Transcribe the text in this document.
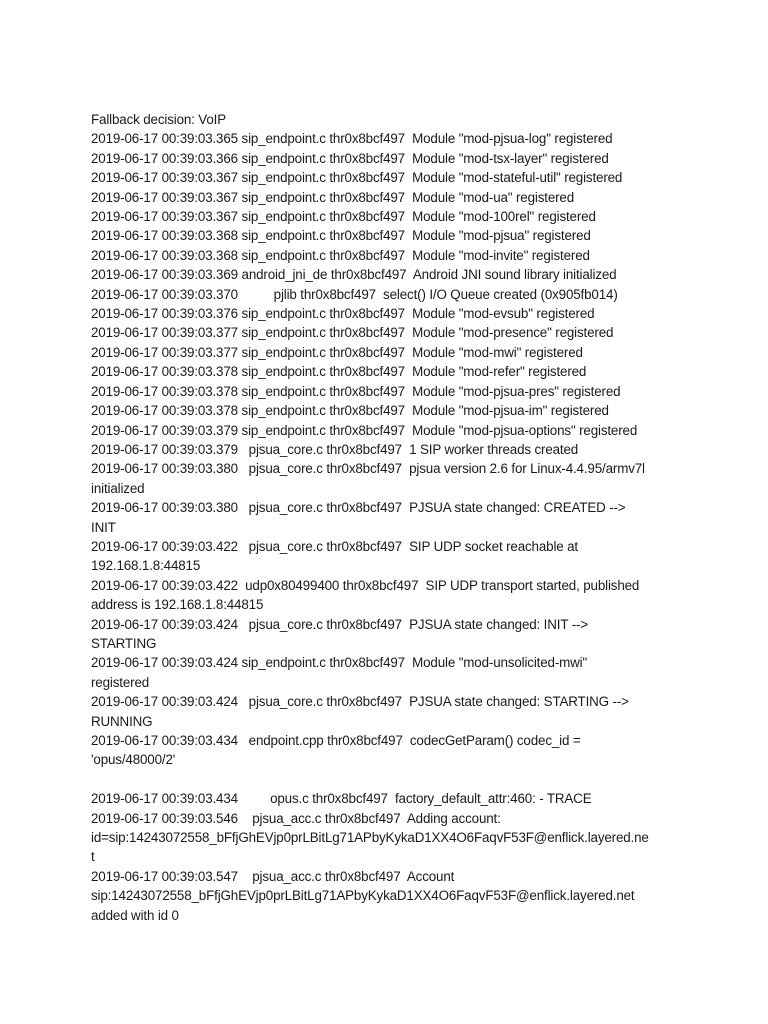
Fallback decision: VoIP
2019-06-17 00:39:03.365 sip_endpoint.c thr0x8bcf497  Module "mod-pjsua-log" registered
2019-06-17 00:39:03.366 sip_endpoint.c thr0x8bcf497  Module "mod-tsx-layer" registered
2019-06-17 00:39:03.367 sip_endpoint.c thr0x8bcf497  Module "mod-stateful-util" registered
2019-06-17 00:39:03.367 sip_endpoint.c thr0x8bcf497  Module "mod-ua" registered
2019-06-17 00:39:03.367 sip_endpoint.c thr0x8bcf497  Module "mod-100rel" registered
2019-06-17 00:39:03.368 sip_endpoint.c thr0x8bcf497  Module "mod-pjsua" registered
2019-06-17 00:39:03.368 sip_endpoint.c thr0x8bcf497  Module "mod-invite" registered
2019-06-17 00:39:03.369 android_jni_de thr0x8bcf497  Android JNI sound library initialized
2019-06-17 00:39:03.370          pjlib thr0x8bcf497  select() I/O Queue created (0x905fb014)
2019-06-17 00:39:03.376 sip_endpoint.c thr0x8bcf497  Module "mod-evsub" registered
2019-06-17 00:39:03.377 sip_endpoint.c thr0x8bcf497  Module "mod-presence" registered
2019-06-17 00:39:03.377 sip_endpoint.c thr0x8bcf497  Module "mod-mwi" registered
2019-06-17 00:39:03.378 sip_endpoint.c thr0x8bcf497  Module "mod-refer" registered
2019-06-17 00:39:03.378 sip_endpoint.c thr0x8bcf497  Module "mod-pjsua-pres" registered
2019-06-17 00:39:03.378 sip_endpoint.c thr0x8bcf497  Module "mod-pjsua-im" registered
2019-06-17 00:39:03.379 sip_endpoint.c thr0x8bcf497  Module "mod-pjsua-options" registered
2019-06-17 00:39:03.379   pjsua_core.c thr0x8bcf497  1 SIP worker threads created
2019-06-17 00:39:03.380   pjsua_core.c thr0x8bcf497  pjsua version 2.6 for Linux-4.4.95/armv7l
initialized
2019-06-17 00:39:03.380   pjsua_core.c thr0x8bcf497  PJSUA state changed: CREATED -->
INIT
2019-06-17 00:39:03.422   pjsua_core.c thr0x8bcf497  SIP UDP socket reachable at
192.168.1.8:44815
2019-06-17 00:39:03.422  udp0x80499400 thr0x8bcf497  SIP UDP transport started, published
address is 192.168.1.8:44815
2019-06-17 00:39:03.424   pjsua_core.c thr0x8bcf497  PJSUA state changed: INIT -->
STARTING
2019-06-17 00:39:03.424 sip_endpoint.c thr0x8bcf497  Module "mod-unsolicited-mwi"
registered
2019-06-17 00:39:03.424   pjsua_core.c thr0x8bcf497  PJSUA state changed: STARTING -->
RUNNING
2019-06-17 00:39:03.434   endpoint.cpp thr0x8bcf497  codecGetParam() codec_id =
'opus/48000/2'
2019-06-17 00:39:03.434         opus.c thr0x8bcf497  factory_default_attr:460: - TRACE
2019-06-17 00:39:03.546    pjsua_acc.c thr0x8bcf497  Adding account:
id=sip:14243072558_bFfjGhEVjp0prLBitLg71APbyKykaD1XX4O6FaqvF53F@enflick.layered.ne
t
2019-06-17 00:39:03.547    pjsua_acc.c thr0x8bcf497  Account
sip:14243072558_bFfjGhEVjp0prLBitLg71APbyKykaD1XX4O6FaqvF53F@enflick.layered.net
added with id 0
